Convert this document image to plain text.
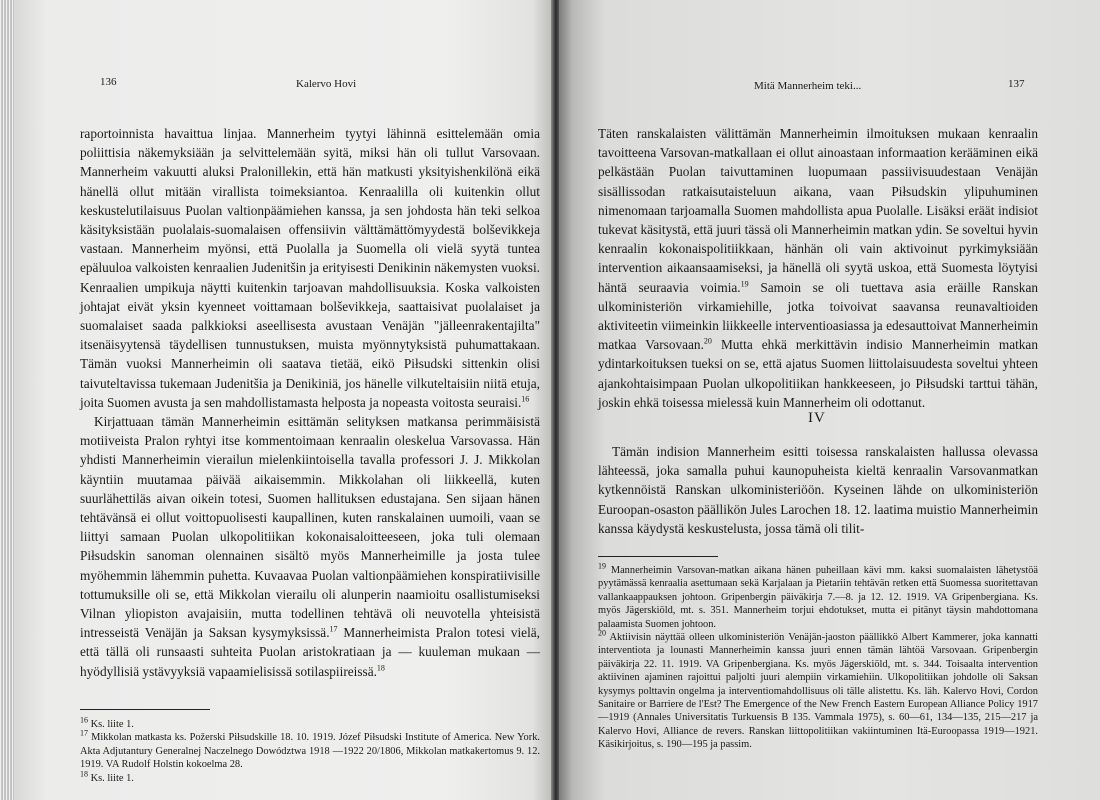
136	Kalervo Hovi

raportoinnista havaittua linjaa. Mannerheim tyytyi lähinnä esittelemään omia poliittisia näkemyksiään ja selvittelemään syitä, miksi hän oli tullut Varsovaan. Mannerheim vakuutti aluksi Pralonillekin, että hän matkusti yksityishenkilönä eikä hänellä ollut mitään virallista toimeksiantoa. Kenraalilla oli kuitenkin ollut keskustelutilaisuus Puolan valtionpäämiehen kanssa, ja sen johdosta hän teki selkoa käsityksistään puolalais-suomalaisen offensiivin välttämättömyydestä bolševikkeja vastaan. Mannerheim myönsi, että Puolalla ja Suomella oli vielä syytä tuntea epäluuloa valkoisten kenraalien Judenitšin ja erityisesti Denikinin näkemysten vuoksi. Kenraalien umpikuja näytti kuitenkin tarjoavan mahdollisuuksia. Koska valkoisten johtajat eivät yksin kyenneet voittamaan bolševikkeja, saattaisivat puolalaiset ja suomalaiset saada palkkioksi aseellisesta avustaan Venäjän "jälleenrakentajilta" itsenäisyytensä täydellisen tunnustuksen, muista myönnytyksistä puhumattakaan. Tämän vuoksi Mannerheimin oli saatava tietää, eikö Piłsudski sittenkin olisi taivuteltavissa tukemaan Judenitšia ja Denikiniä, jos hänelle vilkuteltaisiin niitä etuja, joita Suomen avusta ja sen mahdollistamasta helposta ja nopeasta voitosta seuraisi.$^{16}$

Kirjattuaan tämän Mannerheimin esittämän selityksen matkansa perimmäisistä motiiveista Pralon ryhtyi itse kommentoimaan kenraalin oleskelua Varsovassa. Hän yhdisti Mannerheimin vierailun mielenkiintoisella tavalla professori J. J. Mikkolan käyntiin muutamaa päivää aikaisemmin. Mikkolahan oli liikkeellä, kuten suurlähettiläs aivan oikein totesi, Suomen hallituksen edustajana. Sen sijaan hänen tehtävänsä ei ollut voittopuolisesti kaupallinen, kuten ranskalainen uumoili, vaan se liittyi samaan Puolan ulkopolitiikan kokonaisaloitteeseen, joka tuli olemaan Piłsudskin sanoman olennainen sisältö myös Mannerheimille ja josta tulee myöhemmin lähemmin puhetta. Kuvaavaa Puolan valtionpäämiehen konspiratiivisille tottumuksille oli se, että Mikkolan vierailu oli alunperin naamioitu osallistumiseksi Vilnan yliopiston avajaisiin, mutta todellinen tehtävä oli neuvotella yhteisistä intresseistä Venäjän ja Saksan kysymyksissä.$^{17}$ Mannerheimista Pralon totesi vielä, että tällä oli runsaasti suhteita Puolan aristokratiaan ja — kuuleman mukaan — hyödyllisiä ystävyyksiä vapaamielisissä sotilaspiireissä.$^{18}$

$^{16}$ Ks. liite 1.

$^{17}$ Mikkolan matkasta ks. Požerski Piłsudskille 18. 10. 1919. Józef Piłsudski Institute of America. New York. Akta Adjutantury Generalnej Naczelnego Dowództwa 1918 —1922 20/1806, Mikkolan matkakertomus 9. 12. 1919. VA Rudolf Holstin kokoelma 28.

$^{18}$ Ks. liite 1.

Mitä Mannerheim teki...	137

Täten ranskalaisten välittämän Mannerheimin ilmoituksen mukaan kenraalin tavoitteena Varsovan-matkallaan ei ollut ainoastaan informaation kerääminen eikä pelkästään Puolan taivuttaminen luopumaan passiivisuudestaan Venäjän sisällissodan ratkaisutaisteluun aikana, vaan Piłsudskin ylipuhuminen nimenomaan tarjoamalla Suomen mahdollista apua Puolalle. Lisäksi eräät indisiot tukevat käsitystä, että juuri tässä oli Mannerheimin matkan ydin. Se soveltui hyvin kenraalin kokonaispolitiikkaan, hänhän oli vain aktivoinut pyrkimyksiään intervention aikaansaamiseksi, ja hänellä oli syytä uskoa, että Suomesta löytyisi häntä seuraavia voimia.$^{19}$ Samoin se oli tuettava asia eräille Ranskan ulkoministeriön virkamiehille, jotka toivoivat saavansa reunavaltioiden aktiviteetin viimeinkin liikkeelle interventioasiassa ja edesauttoivat Mannerheimin matkaa Varsovaan.$^{20}$ Mutta ehkä merkittävin indisio Mannerheimin matkan ydintarkoituksen tueksi on se, että ajatus Suomen liittolaisuudesta soveltui yhteen ajankohtaisimpaan Puolan ulkopolitiikan hankkeeseen, jo Piłsudski tarttui tähän, joskin ehkä toisessa mielessä kuin Mannerheim oli odottanut.

IV

Tämän indision Mannerheim esitti toisessa ranskalaisten hallussa olevassa lähteessä, joka samalla puhui kaunopuheista kieltä kenraalin Varsovanmatkan kytkennöistä Ranskan ulkoministeriöön. Kyseinen lähde on ulkoministeriön Euroopan-osaston päällikön Jules Larochen 18. 12. laatima muistio Mannerheimin kanssa käydystä keskustelusta, jossa tämä oli tilit-

$^{19}$ Mannerheimin Varsovan-matkan aikana hänen puheillaan kävi mm. kaksi suomalaisten lähetystöä pyytämässä kenraalia asettumaan sekä Karjalaan ja Pietariin tehtävän retken että Suomessa suoritettavan vallankaappauksen johtoon. Gripenbergin päiväkirja 7.—8. ja 12. 12. 1919. VA Gripenbergiana. Ks. myös Jägerskiöld, mt. s. 351. Mannerheim torjui ehdotukset, mutta ei pitänyt täysin mahdottomana palaamista Suomen johtoon.

$^{20}$ Aktiivisin näyttää olleen ulkoministeriön Venäjän-jaoston päällikkö Albert Kammerer, joka kannatti interventiota ja lounasti Mannerheimin kanssa juuri ennen tämän lähtöä Varsovaan. Gripenbergin päiväkirja 22. 11. 1919. VA Gripenbergiana. Ks. myös Jägerskiöld, mt. s. 344. Toisaalta intervention aktiivinen ajaminen rajoittui paljolti juuri alempiin virkamiehiin. Ulkopolitiikan johdolle oli Saksan kysymys polttavin ongelma ja interventiomahdollisuus oli tälle alistettu. Ks. läh. Kalervo Hovi, Cordon Sanitaire or Barriere de l'Est? The Emergence of the New French Eastern European Alliance Policy 1917—1919 (Annales Universitatis Turkuensis B 135. Vammala 1975), s. 60—61, 134—135, 215—217 ja Kalervo Hovi, Alliance de revers. Ranskan liittopolitiikan vakiintuminen Itä-Euroopassa 1919—1921. Käsikirjoitus, s. 190—195 ja passim.
